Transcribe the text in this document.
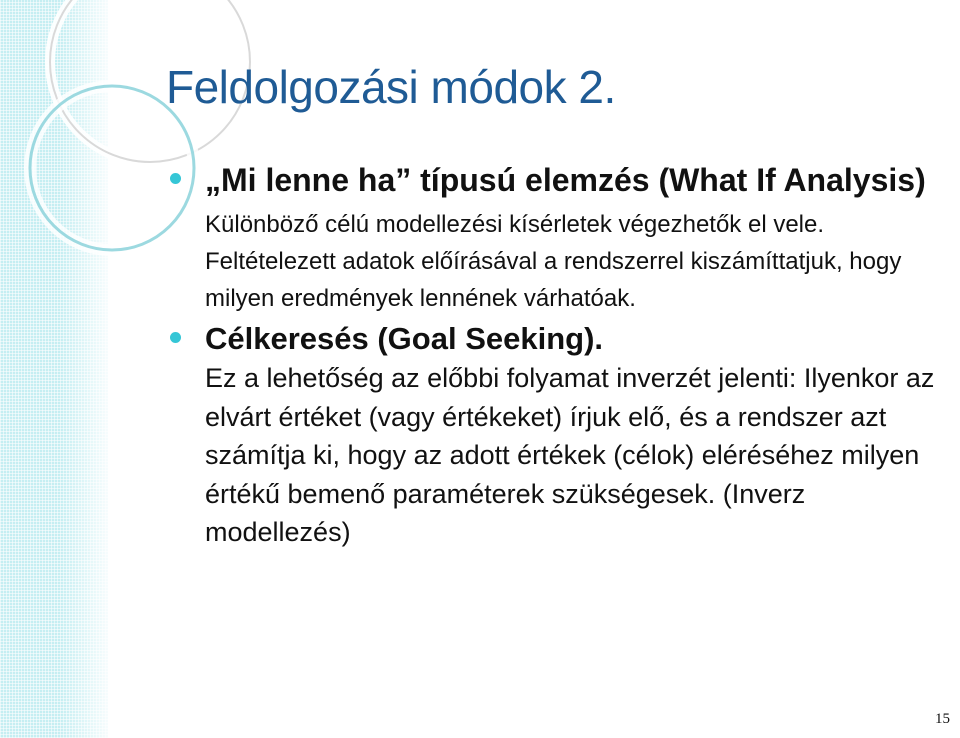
Feldolgozási módok 2.
„Mi lenne ha” típusú elemzés (What If Analysis)
Különböző célú modellezési kísérletek végezhetők el vele. Feltételezett adatok előírásával a rendszerrel kiszámíttatjuk, hogy milyen eredmények lennének várhatóak.
Célkeresés (Goal Seeking).
Ez a lehetőség az előbbi folyamat inverzét jelenti: Ilyenkor az elvárt értéket (vagy értékeket) írjuk elő, és a rendszer azt számítja ki, hogy az adott értékek (célok) eléréséhez milyen értékű bemenő paraméterek szükségesek. (Inverz modellezés)
15
